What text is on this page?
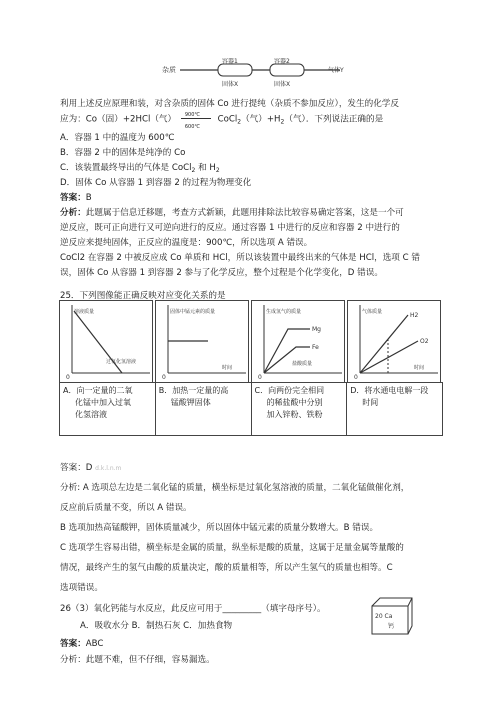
杂质
容器1	容器2
气体Y
固体X	固体X
利用上述反应原理和装，对含杂质的固体 Co 进行提纯（杂质不参加反应），发生的化学反
应为：Co（固）+2HCl（气） $\frac{900℃}{600℃}$ CoCl$_2$（气）$+H_2$（气）．下列说法正确的是
A．容器 1 中的温度为 600℃
B．容器 2 中的固体是纯净的 Co
C．该装置最终导出的气体是 CoCl$_2$ 和 $H_2$
D．固体 Co 从容器 1 到容器 2 的过程为物理变化
答案：B
分析：此题属于信息迁移题，考查方式新颖，此题用排除法比较容易确定答案，这是一个可
逆反应，既可正向进行又可逆向进行的反应。通过容器 1 中进行的反应和容器 2 中进行的
逆反应来提纯固体，正反应的温度是：900℃，所以选项 A 错误。
CoCl2 在容器 2 中被反应成 Co 单质和 HCl，所以该装置中最终出来的气体是 HCl，选项 C 错
误，固体 Co 从容器 1 到容器 2 参与了化学反应，整个过程是个化学变化，D 错误。
25．下列图像能正确反映对应变化关系的是
溶液质量
过氧化氢溶液
0
固体中锰元素的质量
时间
0
生成氢气的质量
Mg
Fe
盐酸质量
0
气体质量	H2
O2
时间
0
A．向一定量的二氧
化锰中加入过氧
化氢溶液
B．加热一定量的高
锰酸钾固体
C．向两份完全相同
的稀盐酸中分别
加入锌粉、铁粉
D．将水通电电解一段
时间
答案：D d.k.l.n.m
分析: A 选项总左边是二氧化锰的质量，横坐标是过氧化氢溶液的质量，二氧化锰做催化剂，
反应前后质量不变，所以 A 错误。
B 选项加热高锰酸钾，固体质量减少，所以固体中锰元素的质量分数增大。B 错误。
C 选项学生容易出错，横坐标是金属的质量，纵坐标是酸的质量，这属于足量金属等量酸的
情况，最终产生的氢气由酸的质量决定，酸的质量相等，所以产生氢气的质量也相等。C
选项错误。
26（3）氧化钙能与水反应，此反应可用于_________（填字母序号）。
A．吸收水分 B．制热石灰 C．加热食物
20 Ca
钙
答案：ABC
分析：此题不难，但不仔细，容易漏选。
